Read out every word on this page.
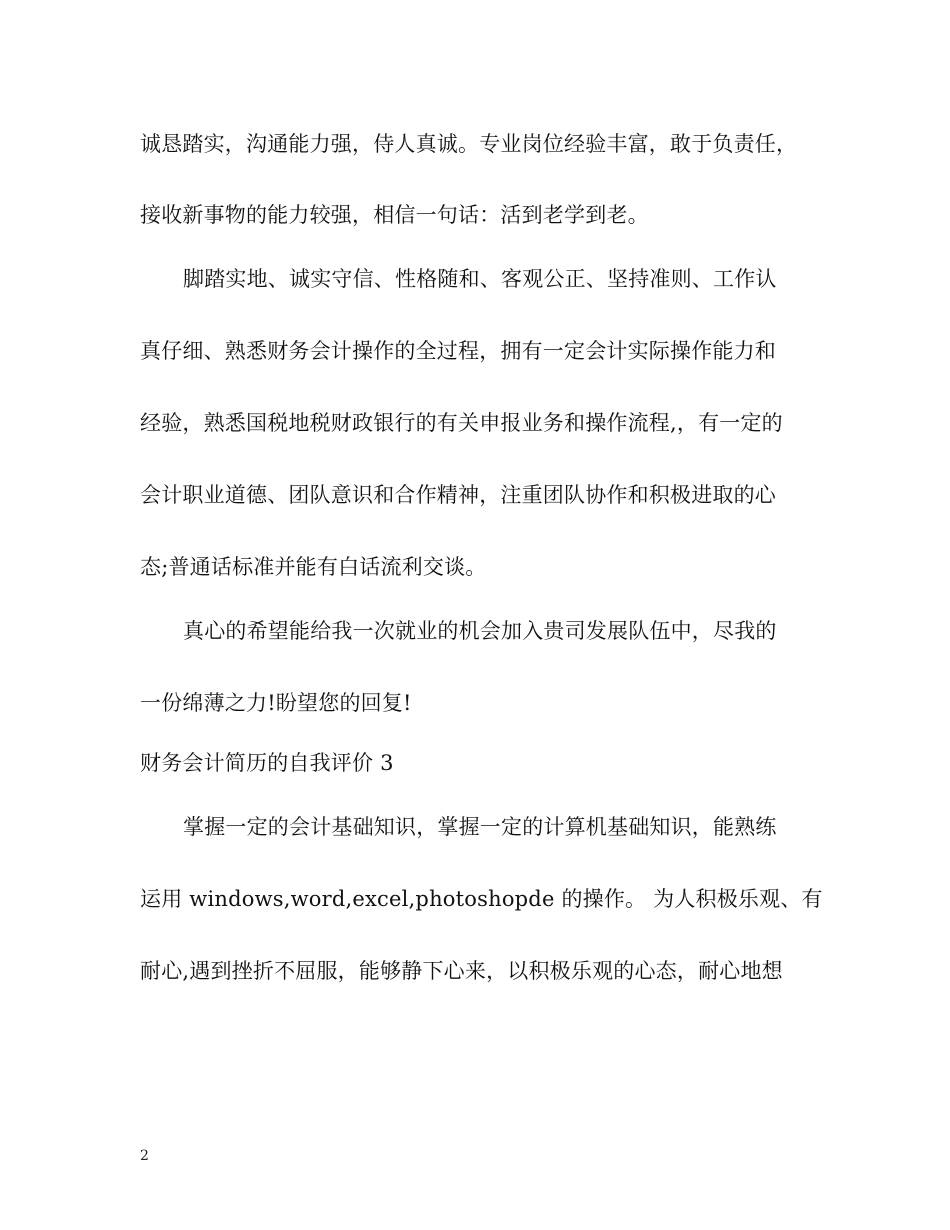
诚恳踏实，沟通能力强，侍人真诚。专业岗位经验丰富，敢于负责任，
接收新事物的能力较强，相信一句话：活到老学到老。
脚踏实地、诚实守信、性格随和、客观公正、坚持准则、工作认
真仔细、熟悉财务会计操作的全过程，拥有一定会计实际操作能力和
经验，熟悉国税地税财政银行的有关申报业务和操作流程,，有一定的
会计职业道德、团队意识和合作精神，注重团队协作和积极进取的心
态;普通话标准并能有白话流利交谈。
真心的希望能给我一次就业的机会加入贵司发展队伍中，尽我的
一份绵薄之力!盼望您的回复!
财务会计简历的自我评价 3
掌握一定的会计基础知识，掌握一定的计算机基础知识，能熟练
运用 windows,word,excel,photoshopde 的操作。 为人积极乐观、有
耐心,遇到挫折不屈服，能够静下心来，以积极乐观的心态，耐心地想
2
